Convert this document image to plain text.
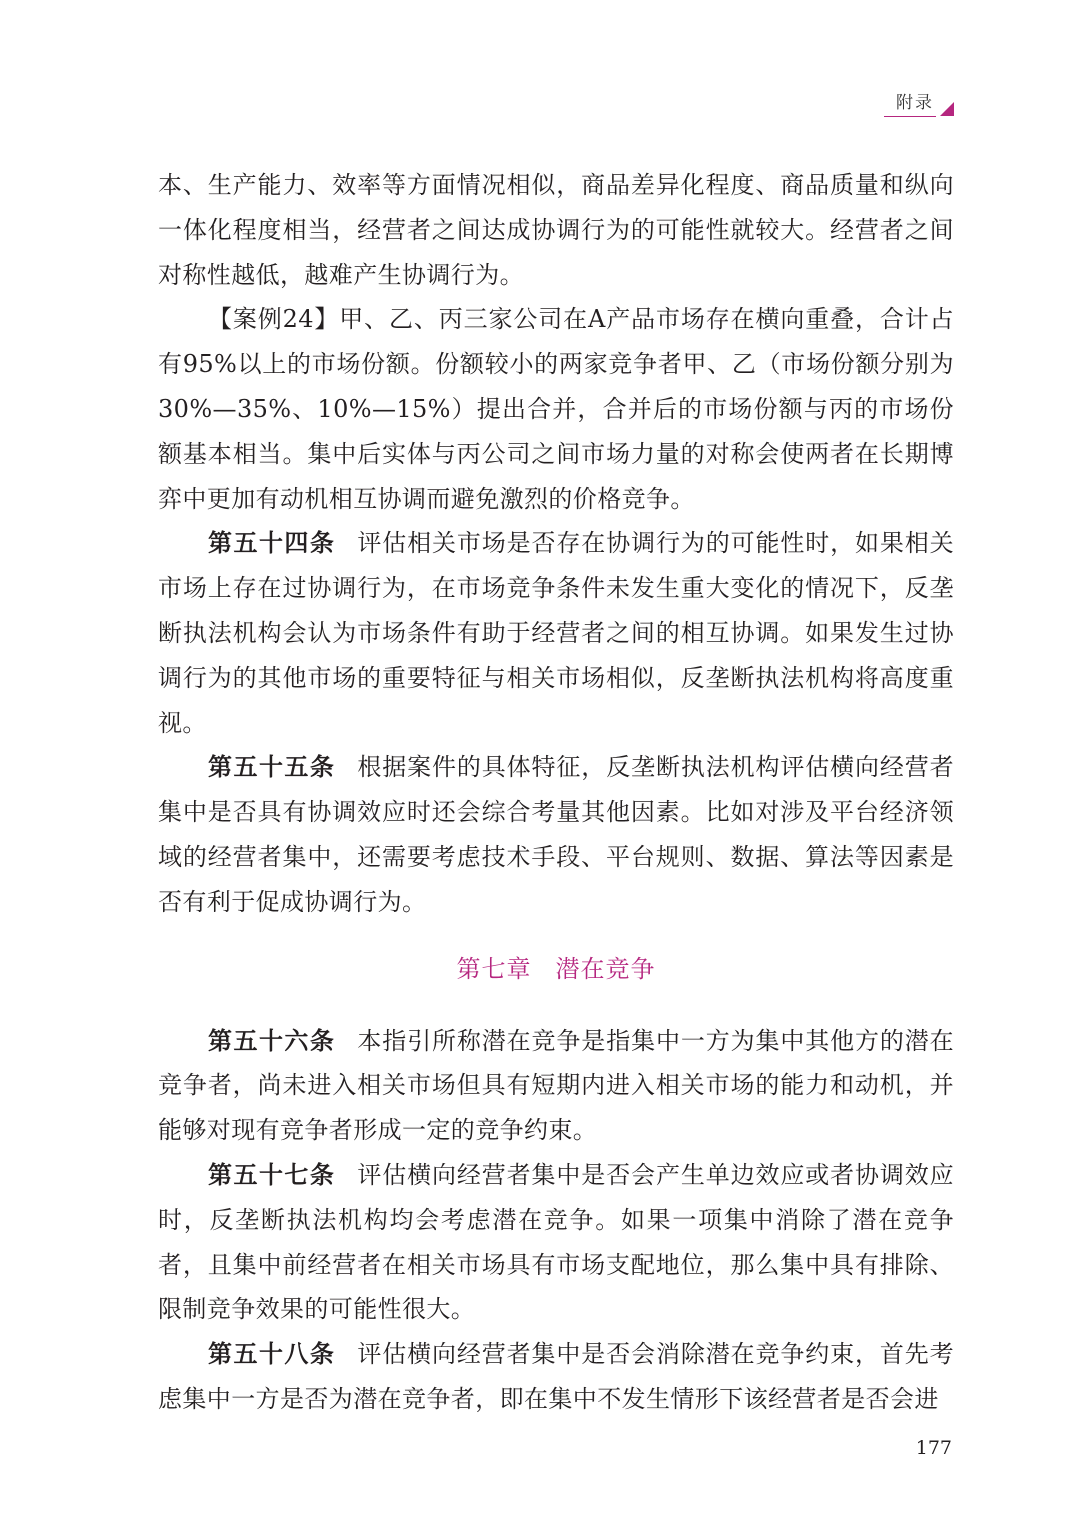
附录

本、生产能力、效率等方面情况相似，商品差异化程度、商品质量和纵向一体化程度相当，经营者之间达成协调行为的可能性就较大。经营者之间对称性越低，越难产生协调行为。

【案例24】甲、乙、丙三家公司在A产品市场存在横向重叠，合计占有95%以上的市场份额。份额较小的两家竞争者甲、乙（市场份额分别为30%—35%、10%—15%）提出合并，合并后的市场份额与丙的市场份额基本相当。集中后实体与丙公司之间市场力量的对称会使两者在长期博弈中更加有动机相互协调而避免激烈的价格竞争。

第五十四条 评估相关市场是否存在协调行为的可能性时，如果相关市场上存在过协调行为，在市场竞争条件未发生重大变化的情况下，反垄断执法机构会认为市场条件有助于经营者之间的相互协调。如果发生过协调行为的其他市场的重要特征与相关市场相似，反垄断执法机构将高度重视。

第五十五条 根据案件的具体特征，反垄断执法机构评估横向经营者集中是否具有协调效应时还会综合考量其他因素。比如对涉及平台经济领域的经营者集中，还需要考虑技术手段、平台规则、数据、算法等因素是否有利于促成协调行为。

第七章 潜在竞争

第五十六条 本指引所称潜在竞争是指集中一方为集中其他方的潜在竞争者，尚未进入相关市场但具有短期内进入相关市场的能力和动机，并能够对现有竞争者形成一定的竞争约束。

第五十七条 评估横向经营者集中是否会产生单边效应或者协调效应时，反垄断执法机构均会考虑潜在竞争。如果一项集中消除了潜在竞争者，且集中前经营者在相关市场具有市场支配地位，那么集中具有排除、限制竞争效果的可能性很大。

第五十八条 评估横向经营者集中是否会消除潜在竞争约束，首先考虑集中一方是否为潜在竞争者，即在集中不发生情形下该经营者是否会进

177
